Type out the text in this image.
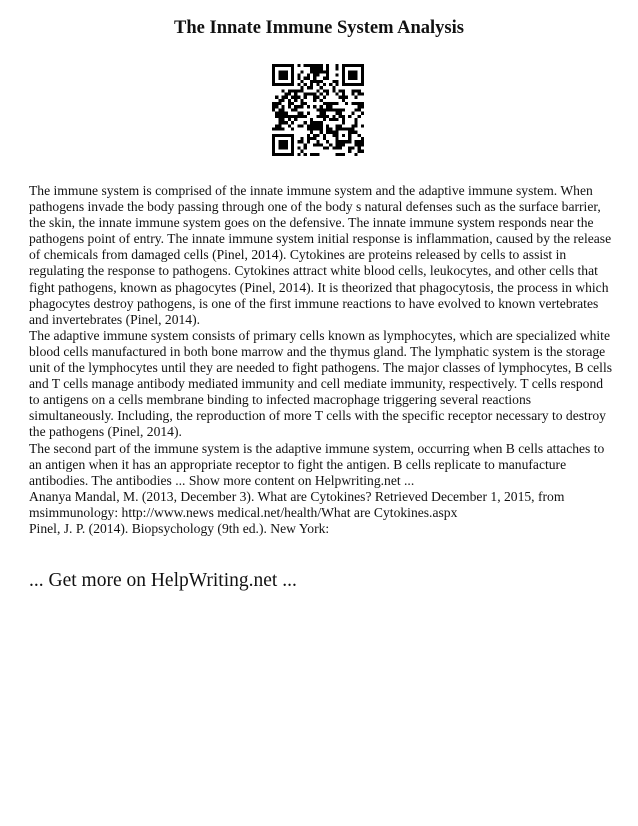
The Innate Immune System Analysis

The immune system is comprised of the innate immune system and the adaptive immune system. When pathogens invade the body passing through one of the body s natural defenses such as the surface barrier, the skin, the innate immune system goes on the defensive. The innate immune system responds near the pathogens point of entry. The innate immune system initial response is inflammation, caused by the release of chemicals from damaged cells (Pinel, 2014). Cytokines are proteins released by cells to assist in regulating the response to pathogens. Cytokines attract white blood cells, leukocytes, and other cells that fight pathogens, known as phagocytes (Pinel, 2014). It is theorized that phagocytosis, the process in which phagocytes destroy pathogens, is one of the first immune reactions to have evolved to known vertebrates and invertebrates (Pinel, 2014).

The adaptive immune system consists of primary cells known as lymphocytes, which are specialized white blood cells manufactured in both bone marrow and the thymus gland. The lymphatic system is the storage unit of the lymphocytes until they are needed to fight pathogens. The major classes of lymphocytes, B cells and T cells manage antibody mediated immunity and cell mediate immunity, respectively. T cells respond to antigens on a cells membrane binding to infected macrophage triggering several reactions simultaneously. Including, the reproduction of more T cells with the specific receptor necessary to destroy the pathogens (Pinel, 2014).

The second part of the immune system is the adaptive immune system, occurring when B cells attaches to an antigen when it has an appropriate receptor to fight the antigen. B cells replicate to manufacture antibodies. The antibodies ... Show more content on Helpwriting.net ...

Ananya Mandal, M. (2013, December 3). What are Cytokines? Retrieved December 1, 2015, from msimmunology: http://www.news medical.net/health/What are Cytokines.aspx

Pinel, J. P. (2014). Biopsychology (9th ed.). New York:

... Get more on HelpWriting.net ...
